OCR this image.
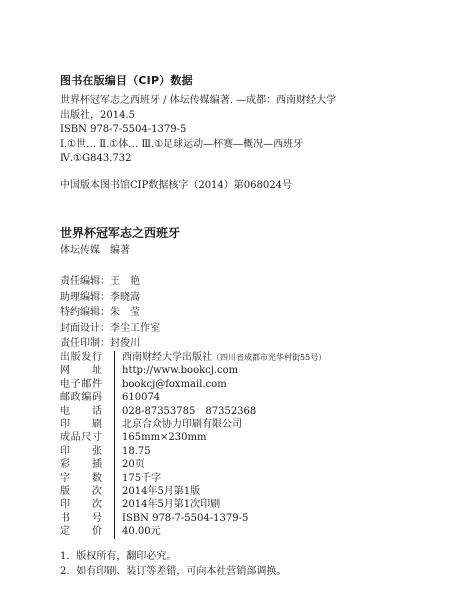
图书在版编目（CIP）数据
世界杯冠军志之西班牙 / 体坛传媒编著. —成都：西南财经大学
出版社，2014.5
ISBN 978-7-5504-1379-5
Ⅰ.①世… Ⅱ.①体… Ⅲ.①足球运动—杯赛—概况—西班牙
Ⅳ.①G843.732
中国版本图书馆CIP数据核字（2014）第068024号
世界杯冠军志之西班牙
体坛传媒　编著
责任编辑：王　艳
助理编辑：李晓嵩
特约编辑：朱　莹
封面设计：李尘工作室
责任印制：封俊川
出 版 发 行	西南财经大学出版社（四川省成都市光华村街55号）

网 址	http://www.bookcj.com

电 子 邮 件	bookcj@foxmail.com

邮 政 编 码	610074

电 话	028-87353785　87352368

印 刷	北京合众协力印刷有限公司

成 品 尺 寸	165mm×230mm

印 张	18.75

彩 插	20页

字 数	175千字

版 次	2014年5月第1版

印 次	2014年5月第1次印刷

书 号	ISBN 978-7-5504-1379-5

定 价	40.00元
1．版权所有，翻印必究。
2．如有印刷、装订等差错，可向本社营销部调换。
